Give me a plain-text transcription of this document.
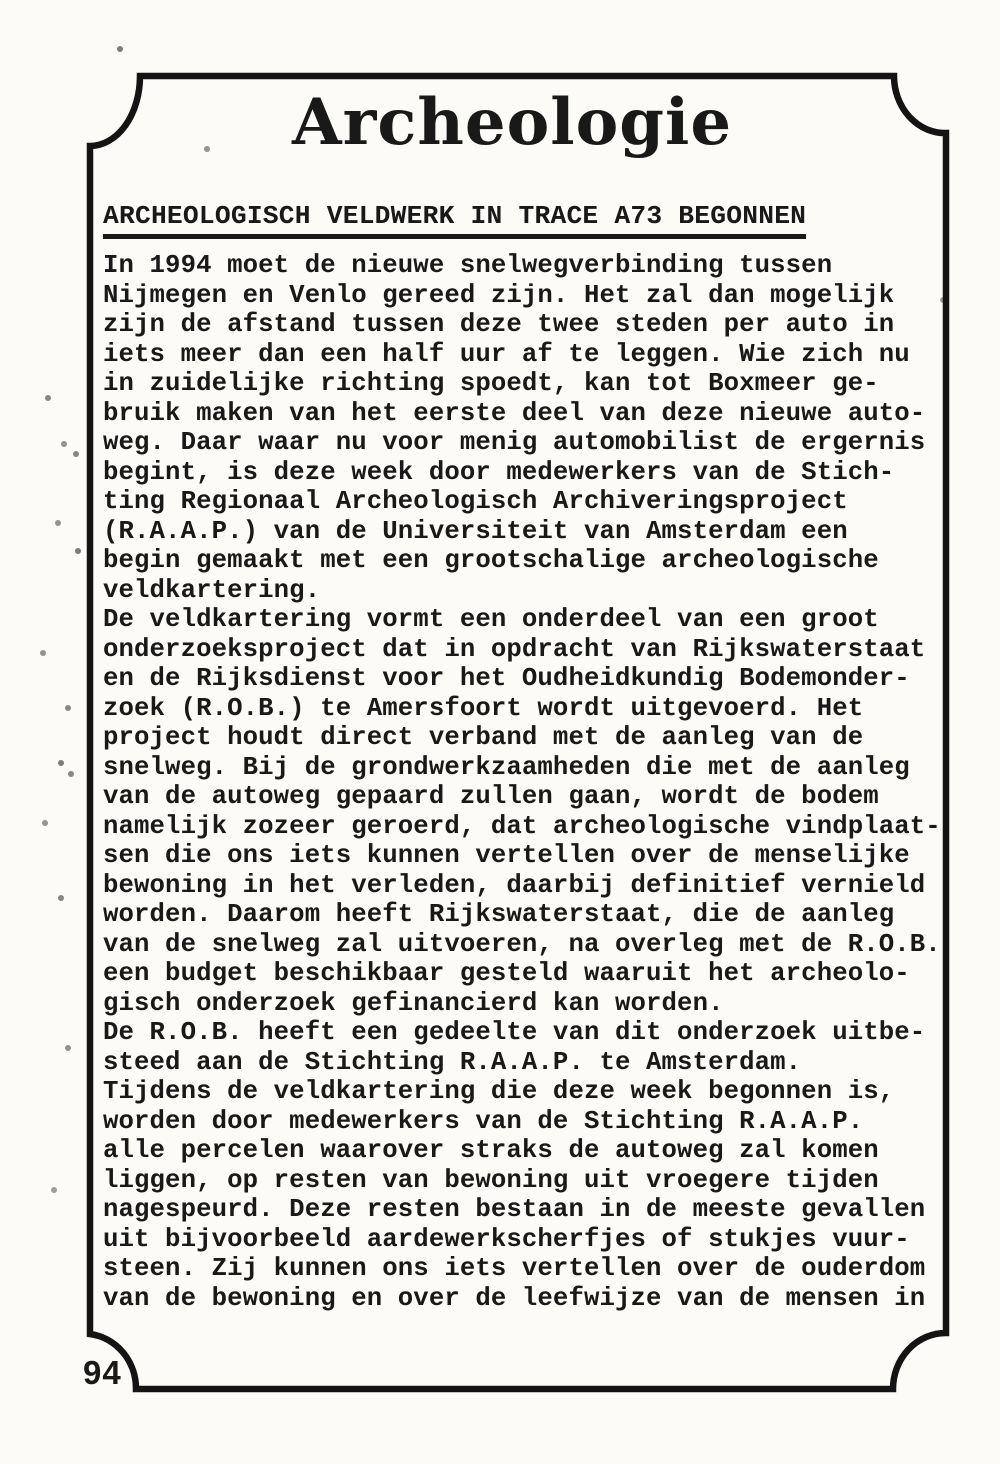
Archeologie
ARCHEOLOGISCH VELDWERK IN TRACE A73 BEGONNEN
In 1994 moet de nieuwe snelwegverbinding tussen
Nijmegen en Venlo gereed zijn. Het zal dan mogelijk
zijn de afstand tussen deze twee steden per auto in
iets meer dan een half uur af te leggen. Wie zich nu
in zuidelijke richting spoedt, kan tot Boxmeer ge-
bruik maken van het eerste deel van deze nieuwe auto-
weg. Daar waar nu voor menig automobilist de ergernis
begint, is deze week door medewerkers van de Stich-
ting Regionaal Archeologisch Archiveringsproject
(R.A.A.P.) van de Universiteit van Amsterdam een
begin gemaakt met een grootschalige archeologische
veldkartering.
De veldkartering vormt een onderdeel van een groot
onderzoeksproject dat in opdracht van Rijkswaterstaat
en de Rijksdienst voor het Oudheidkundig Bodemonder-
zoek (R.O.B.) te Amersfoort wordt uitgevoerd. Het
project houdt direct verband met de aanleg van de
snelweg. Bij de grondwerkzaamheden die met de aanleg
van de autoweg gepaard zullen gaan, wordt de bodem
namelijk zozeer geroerd, dat archeologische vindplaat-
sen die ons iets kunnen vertellen over de menselijke
bewoning in het verleden, daarbij definitief vernield
worden. Daarom heeft Rijkswaterstaat, die de aanleg
van de snelweg zal uitvoeren, na overleg met de R.O.B.
een budget beschikbaar gesteld waaruit het archeolo-
gisch onderzoek gefinancierd kan worden.
De R.O.B. heeft een gedeelte van dit onderzoek uitbe-
steed aan de Stichting R.A.A.P. te Amsterdam.
Tijdens de veldkartering die deze week begonnen is,
worden door medewerkers van de Stichting R.A.A.P.
alle percelen waarover straks de autoweg zal komen
liggen, op resten van bewoning uit vroegere tijden
nagespeurd. Deze resten bestaan in de meeste gevallen
uit bijvoorbeeld aardewerkscherfjes of stukjes vuur-
steen. Zij kunnen ons iets vertellen over de ouderdom
van de bewoning en over de leefwijze van de mensen in
94
